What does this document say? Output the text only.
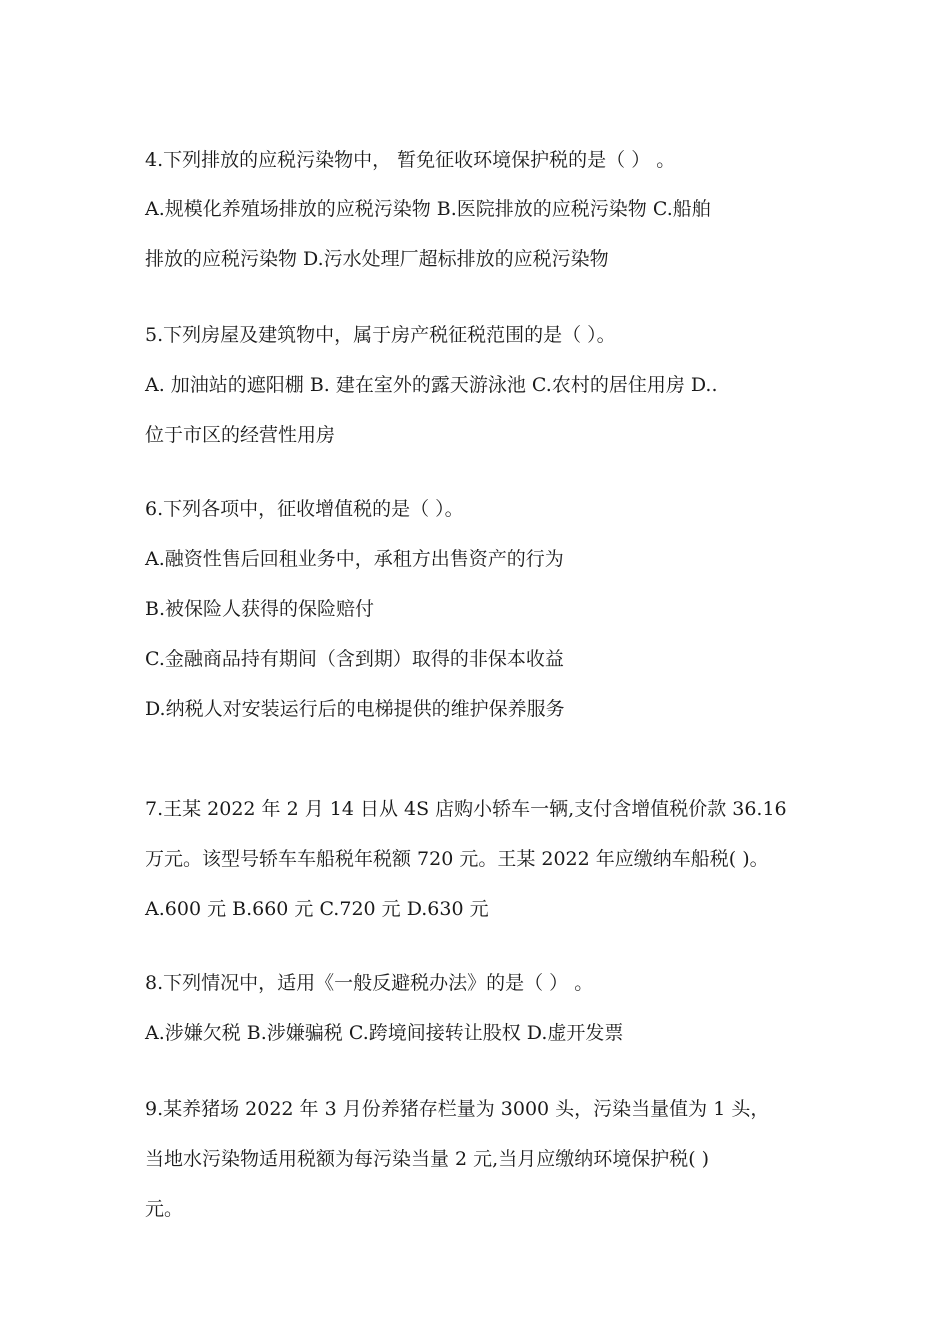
4.下列排放的应税污染物中， 暂免征收环境保护税的是（ ） 。
A.规模化养殖场排放的应税污染物 B.医院排放的应税污染物 C.船舶
排放的应税污染物 D.污水处理厂超标排放的应税污染物
5.下列房屋及建筑物中，属于房产税征税范围的是（ ）。
A. 加油站的遮阳棚 B. 建在室外的露天游泳池 C.农村的居住用房 D..
位于市区的经营性用房
6.下列各项中，征收增值税的是（ ）。
A.融资性售后回租业务中，承租方出售资产的行为
B.被保险人获得的保险赔付
C.金融商品持有期间（含到期）取得的非保本收益
D.纳税人对安装运行后的电梯提供的维护保养服务
7.王某 2022 年 2 月 14 日从 4S 店购小轿车一辆,支付含增值税价款 36.16
万元。该型号轿车车船税年税额 720 元。王某 2022 年应缴纳车船税( )。
A.600 元 B.660 元 C.720 元 D.630 元
8.下列情况中，适用《一般反避税办法》的是（ ） 。
A.涉嫌欠税 B.涉嫌骗税 C.跨境间接转让股权 D.虚开发票
9.某养猪场 2022 年 3 月份养猪存栏量为 3000 头，污染当量值为 1 头，
当地水污染物适用税额为每污染当量 2 元,当月应缴纳环境保护税( )
元。
